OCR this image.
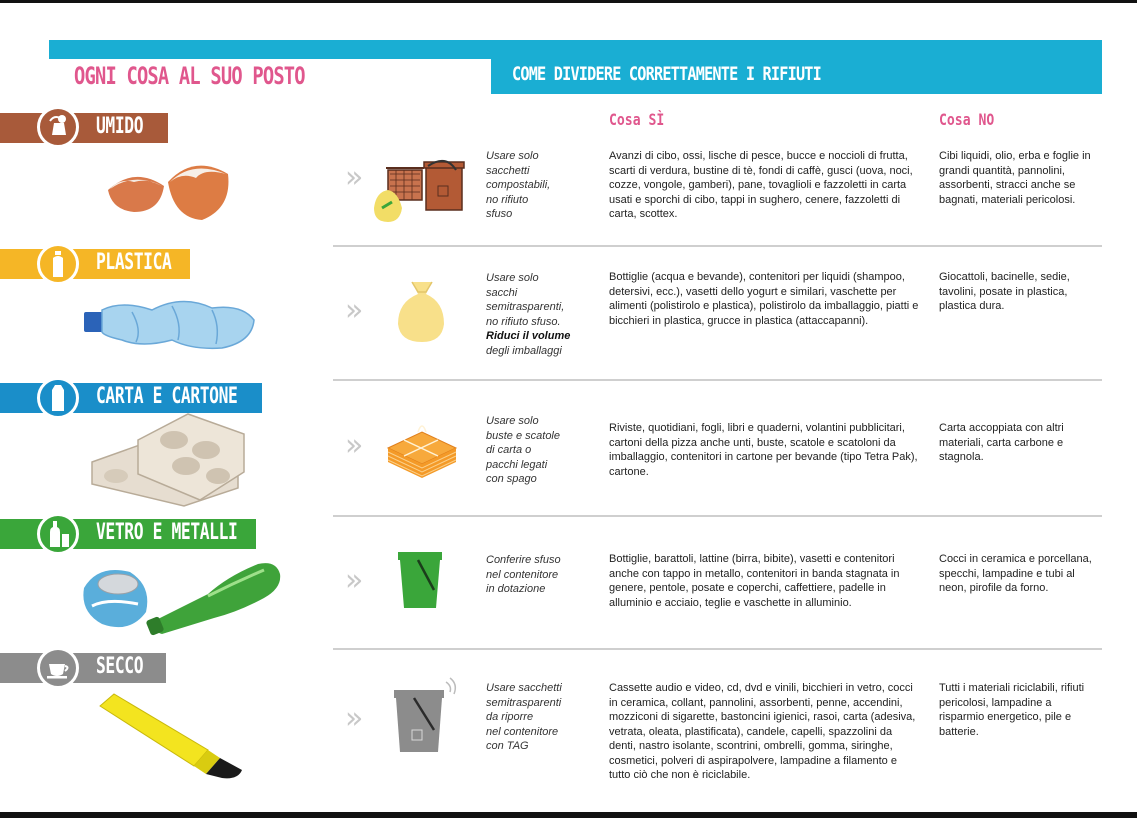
OGNI COSA AL SUO POSTO	COME DIVIDERE CORRETTAMENTE I RIFIUTI
Cosa SÌ	Cosa NO
UMIDO
»
Usare solo
sacchetti
compostabili,
no rifiuto
sfuso
Avanzi di cibo, ossi, lische di pesce, bucce e noccioli di frutta, scarti di verdura, bustine di tè, fondi di caffè, gusci (uova, noci, cozze, vongole, gamberi), pane, tovaglioli e fazzoletti in carta usati e sporchi di cibo, tappi in sughero, cenere, fazzoletti di carta, scottex.
Cibi liquidi, olio, erba e foglie in grandi quantità, pannolini, assorbenti, stracci anche se bagnati, materiali pericolosi.
PLASTICA
»
Usare solo
sacchi
semitrasparenti,
no rifiuto sfuso.
Riduci il volume
degli imballaggi
Bottiglie (acqua e bevande), contenitori per liquidi (shampoo, detersivi, ecc.), vasetti dello yogurt e similari, vaschette per alimenti (polistirolo e plastica), polistirolo da imballaggio, piatti e bicchieri in plastica, grucce in plastica (attaccapanni).
Giocattoli, bacinelle, sedie, tavolini, posate in plastica, plastica dura.
CARTA E CARTONE
»
Usare solo
buste e scatole
di carta o
pacchi legati
con spago
Riviste, quotidiani, fogli, libri e quaderni, volantini pubblicitari, cartoni della pizza anche unti, buste, scatole e scatoloni da imballaggio, contenitori in cartone per bevande (tipo Tetra Pak), cartone.
Carta accoppiata con altri materiali, carta carbone e stagnola.
VETRO E METALLI
»
Conferire sfuso
nel contenitore
in dotazione
Bottiglie, barattoli, lattine (birra, bibite), vasetti e contenitori anche con tappo in metallo, contenitori in banda stagnata in genere, pentole, posate e coperchi, caffettiere, padelle in alluminio e acciaio, teglie e vaschette in alluminio.
Cocci in ceramica e porcellana, specchi, lampadine e tubi al neon, pirofile da forno.
SECCO
»
Usare sacchetti
semitrasparenti
da riporre
nel contenitore
con TAG
Cassette audio e video, cd, dvd e vinili, bicchieri in vetro, cocci in ceramica, collant, pannolini, assorbenti, penne, accendini, mozziconi di sigarette, bastoncini igienici, rasoi, carta (adesiva, vetrata, oleata, plastificata), candele, capelli, spazzolini da denti, nastro isolante, scontrini, ombrelli, gomma, siringhe, cosmetici, polveri di aspirapolvere, lampadine a filamento e tutto ciò che non è riciclabile.
Tutti i materiali riciclabili, rifiuti pericolosi, lampadine a risparmio energetico, pile e batterie.
